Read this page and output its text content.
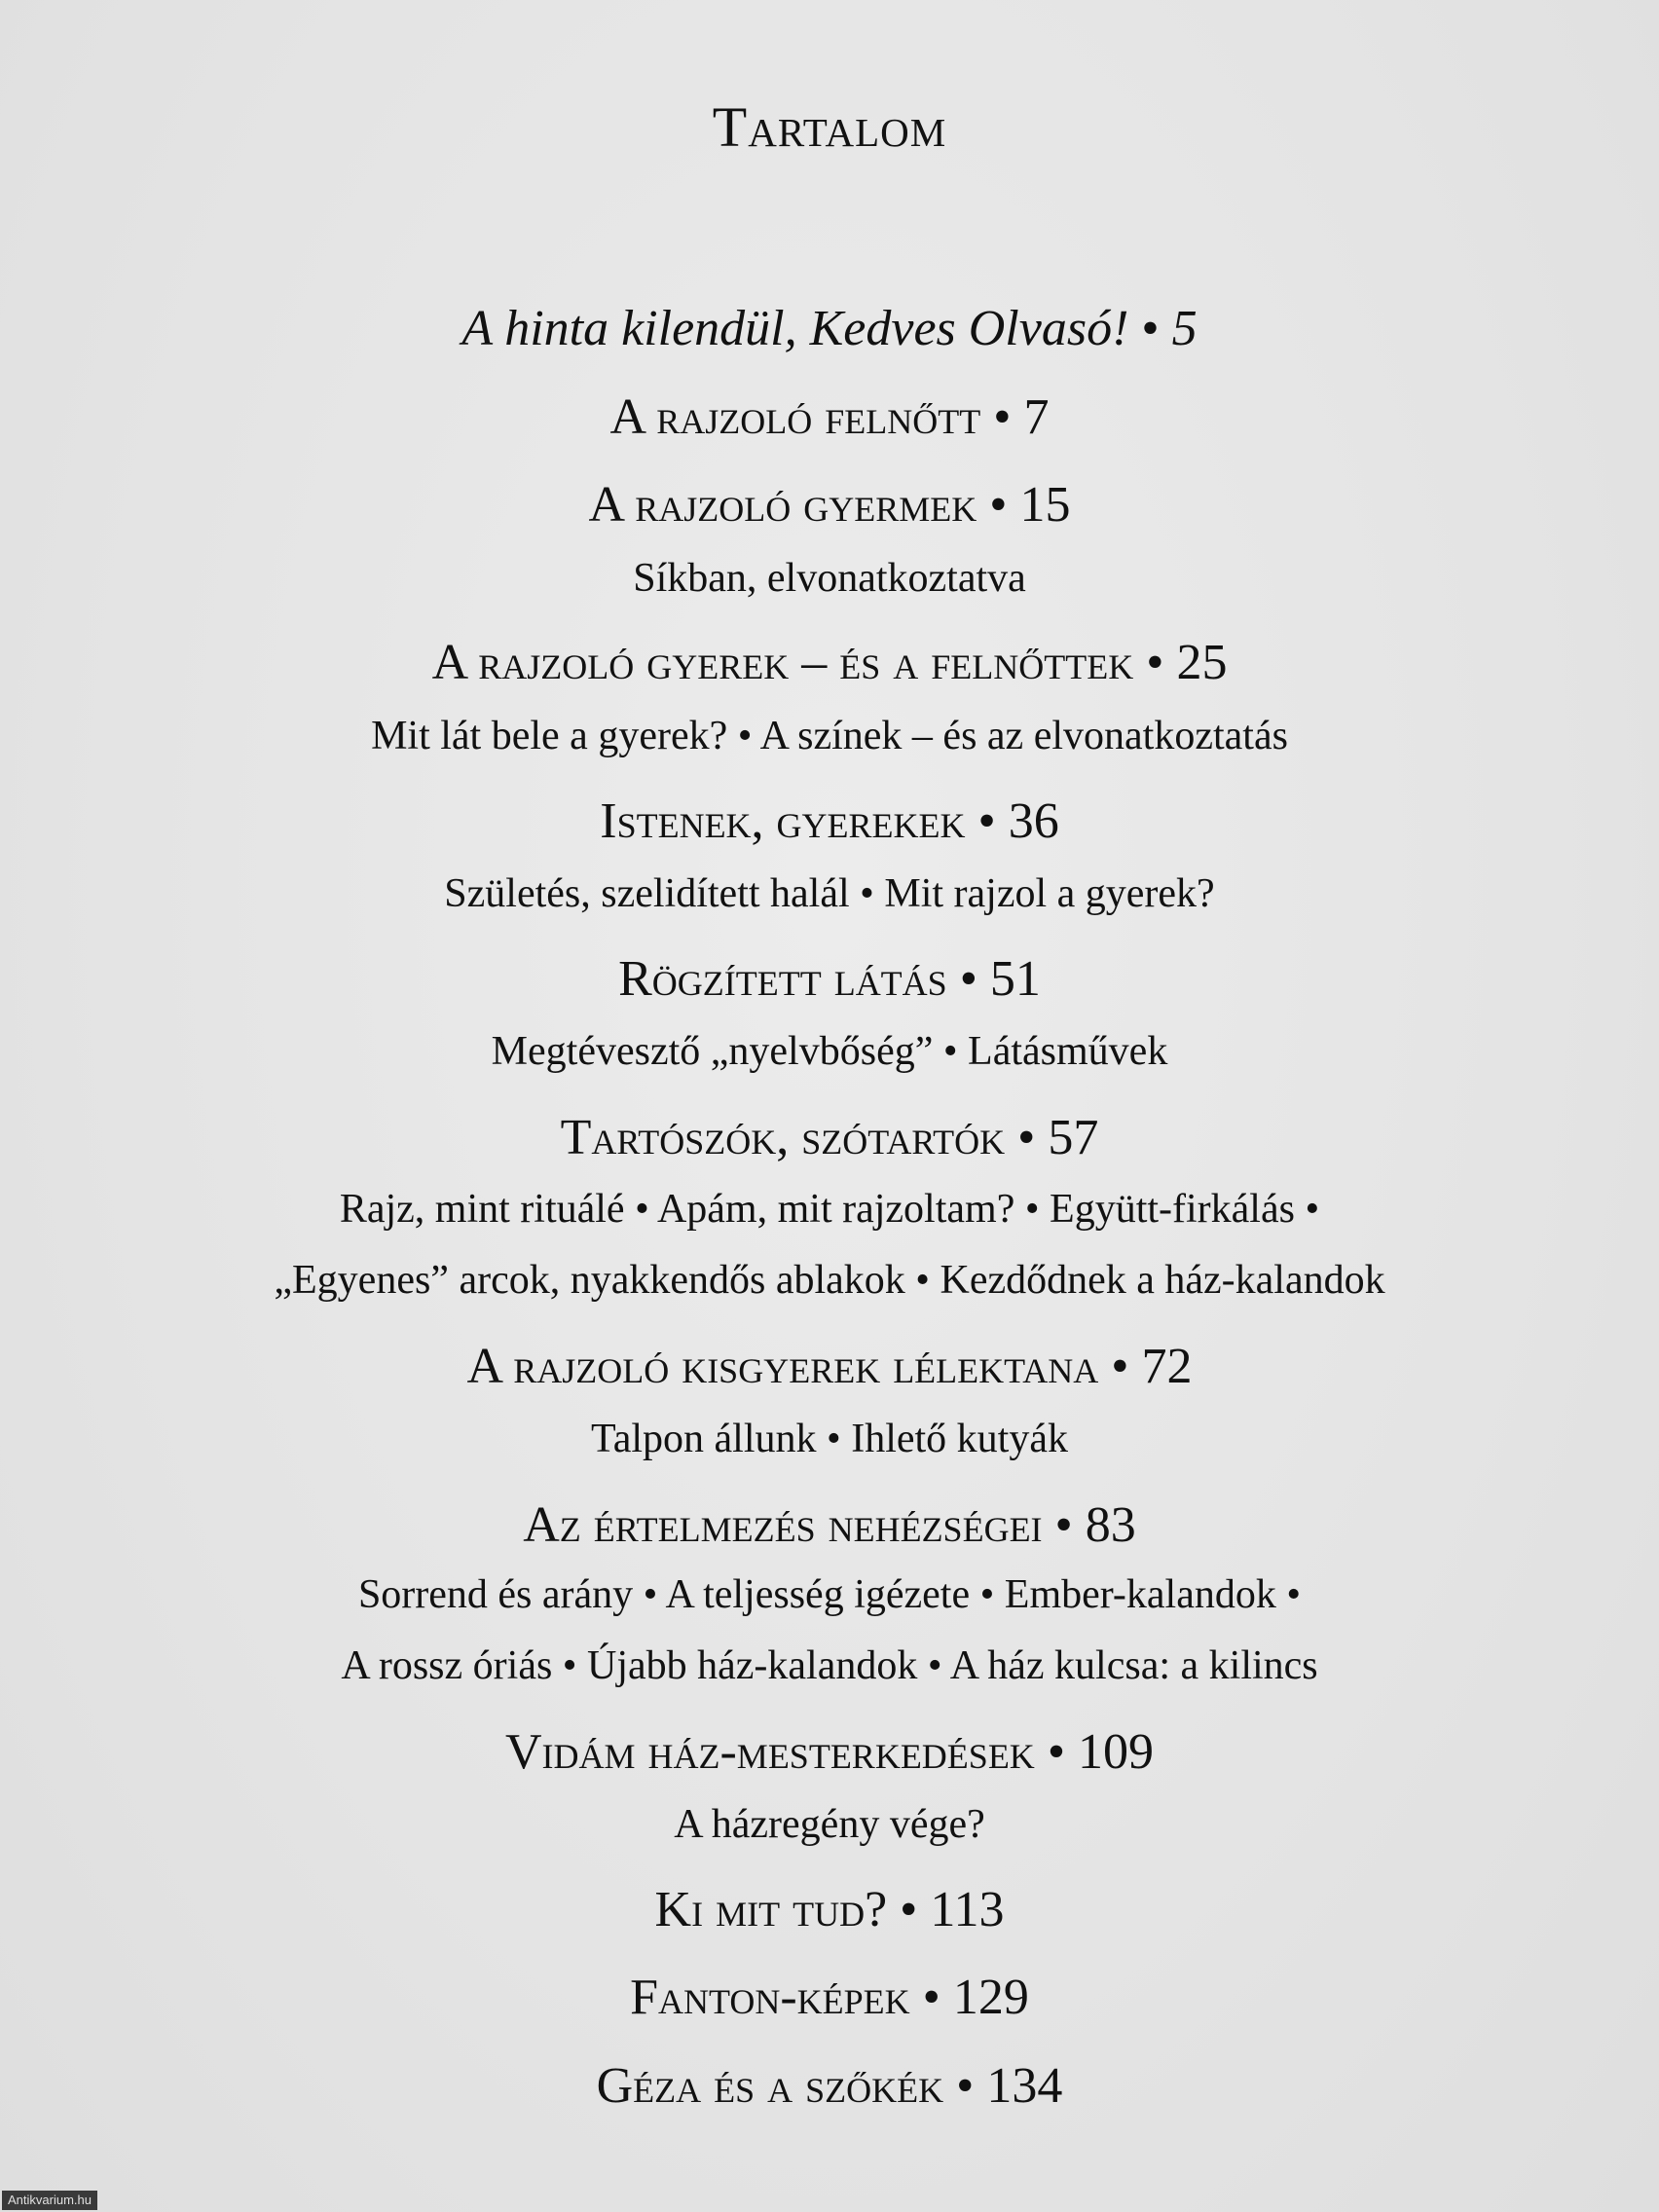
Tartalom
A hinta kilendül, Kedves Olvasó! • 5
A rajzoló felnőtt • 7
A rajzoló gyermek • 15
Síkban, elvonatkoztatva
A rajzoló gyerek – és a felnőttek • 25
Mit lát bele a gyerek? • A színek – és az elvonatkoztatás
Istenek, gyerekek • 36
Születés, szelidített halál • Mit rajzol a gyerek?
Rögzített látás • 51
Megtévesztő „nyelvbőség” • Látásművek
Tartószók, szótartók • 57
Rajz, mint rituálé • Apám, mit rajzoltam? • Együtt-firkálás •
„Egyenes” arcok, nyakkendős ablakok • Kezdődnek a ház-kalandok
A rajzoló kisgyerek lélektana • 72
Talpon állunk • Ihlető kutyák
Az értelmezés nehézségei • 83
Sorrend és arány • A teljesség igézete • Ember-kalandok •
A rossz óriás • Újabb ház-kalandok • A ház kulcsa: a kilincs
Vidám ház-mesterkedések • 109
A házregény vége?
Ki mit tud? • 113
Fanton-képek • 129
Géza és a szőkék • 134
Antikvarium.hu
